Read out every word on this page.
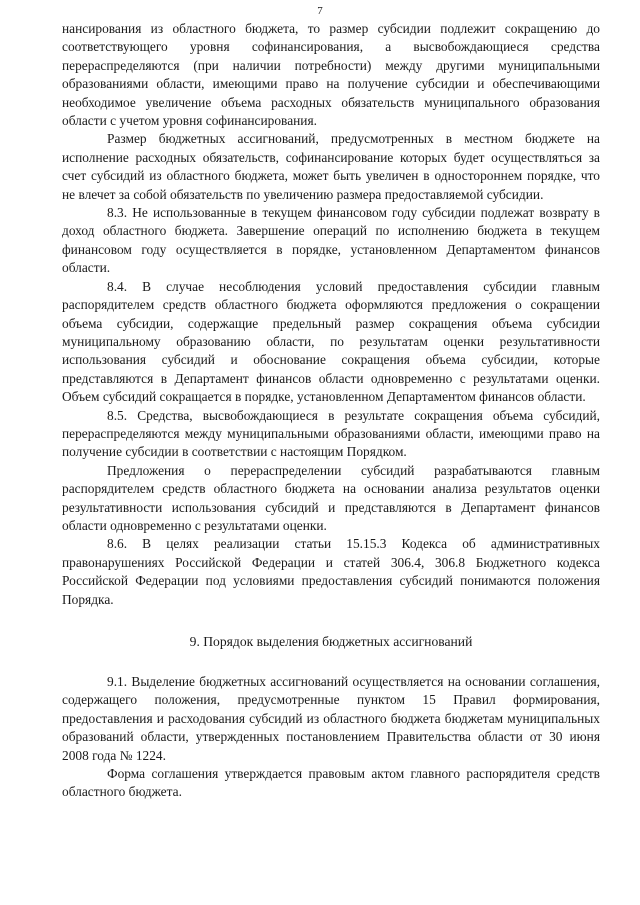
7

нансирования из областного бюджета, то размер субсидии подлежит сокращению до соответствующего уровня софинансирования, а высвобождающиеся средства перераспределяются (при наличии потребности) между другими муниципальными образованиями области, имеющими право на получение субсидии и обеспечивающими необходимое увеличение объема расходных обязательств муниципального образования области с учетом уровня софинансирования.

Размер бюджетных ассигнований, предусмотренных в местном бюджете на исполнение расходных обязательств, софинансирование которых будет осуществляться за счет субсидий из областного бюджета, может быть увеличен в одностороннем порядке, что не влечет за собой обязательств по увеличению размера предоставляемой субсидии.

8.3. Не использованные в текущем финансовом году субсидии подлежат возврату в доход областного бюджета. Завершение операций по исполнению бюджета в текущем финансовом году осуществляется в порядке, установленном Департаментом финансов области.

8.4. В случае несоблюдения условий предоставления субсидии главным распорядителем средств областного бюджета оформляются предложения о сокращении объема субсидии, содержащие предельный размер сокращения объема субсидии муниципальному образованию области, по результатам оценки результативности использования субсидий и обоснование сокращения объема субсидии, которые представляются в Департамент финансов области одновременно с результатами оценки. Объем субсидий сокращается в порядке, установленном Департаментом финансов области.

8.5. Средства, высвобождающиеся в результате сокращения объема субсидий, перераспределяются между муниципальными образованиями области, имеющими право на получение субсидии в соответствии с настоящим Порядком.

Предложения о перераспределении субсидий разрабатываются главным распорядителем средств областного бюджета на основании анализа результатов оценки результативности использования субсидий и представляются в Департамент финансов области одновременно с результатами оценки.

8.6. В целях реализации статьи 15.15.3 Кодекса об административных правонарушениях Российской Федерации и статей 306.4, 306.8 Бюджетного кодекса Российской Федерации под условиями предоставления субсидий понимаются положения Порядка.

9. Порядок выделения бюджетных ассигнований

9.1. Выделение бюджетных ассигнований осуществляется на основании соглашения, содержащего положения, предусмотренные пунктом 15 Правил формирования, предоставления и расходования субсидий из областного бюджета бюджетам муниципальных образований области, утвержденных постановлением Правительства области от 30 июня 2008 года № 1224.

Форма соглашения утверждается правовым актом главного распорядителя средств областного бюджета.
